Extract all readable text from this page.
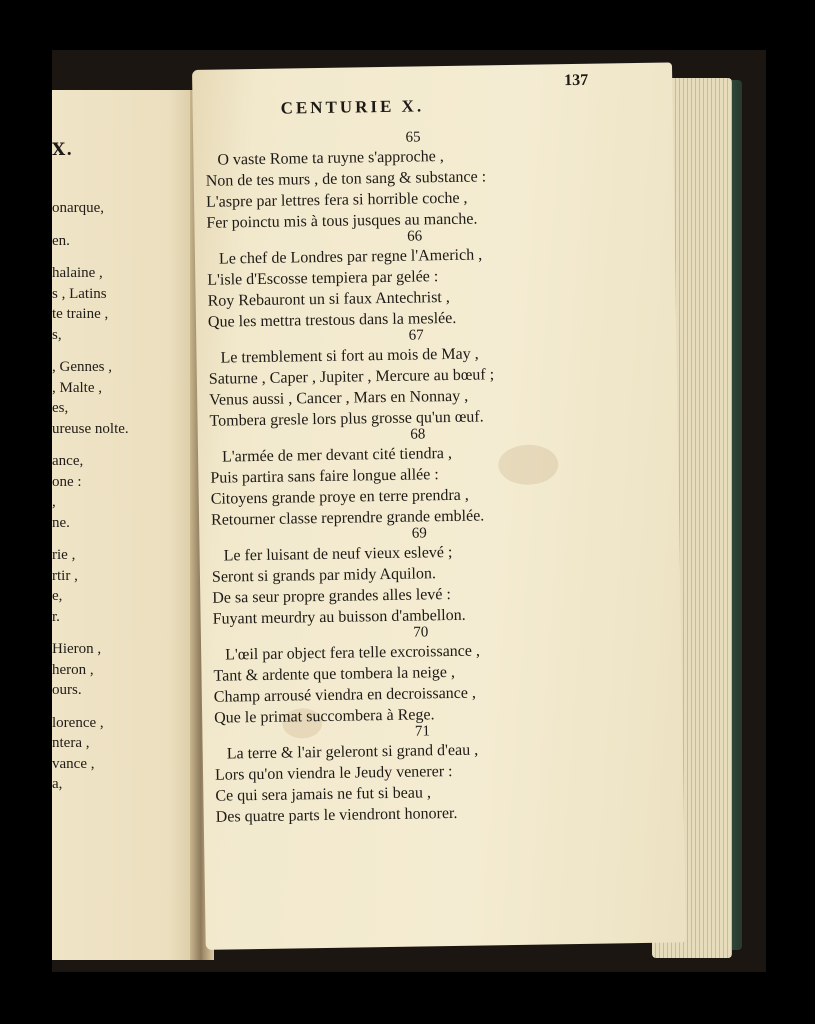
X.
onarque,
en.
halaine ,
s , Latins
te traine ,
s,
, Gennes ,
, Malte ,
es,
ureuse nolte.
ance,
one :
,
ne.
rie ,
rtir ,
e,
r.
Hieron ,
heron ,
ours.
lorence ,
ntera ,
vance ,
a,
137
CENTURIE X.
65
O vaste Rome ta ruyne s'approche ,
Non de tes murs , de ton sang & substance :
L'aspre par lettres fera si horrible coche ,
Fer poinctu mis à tous jusques au manche.
66
Le chef de Londres par regne l'Americh ,
L'isle d'Escosse tempiera par gelée :
Roy Rebauront un si faux Antechrist ,
Que les mettra trestous dans la meslée.
67
Le tremblement si fort au mois de May ,
Saturne , Caper , Jupiter , Mercure au bœuf ;
Venus aussi , Cancer , Mars en Nonnay ,
Tombera gresle lors plus grosse qu'un œuf.
68
L'armée de mer devant cité tiendra ,
Puis partira sans faire longue allée :
Citoyens grande proye en terre prendra ,
Retourner classe reprendre grande emblée.
69
Le fer luisant de neuf vieux eslevé ;
Seront si grands par midy Aquilon.
De sa seur propre grandes alles levé :
Fuyant meurdry au buisson d'ambellon.
70
L'œil par object fera telle excroissance ,
Tant & ardente que tombera la neige ,
Champ arrousé viendra en decroissance ,
Que le primat succombera à Rege.
71
La terre & l'air geleront si grand d'eau ,
Lors qu'on viendra le Jeudy venerer :
Ce qui sera jamais ne fut si beau ,
Des quatre parts le viendront honorer.
